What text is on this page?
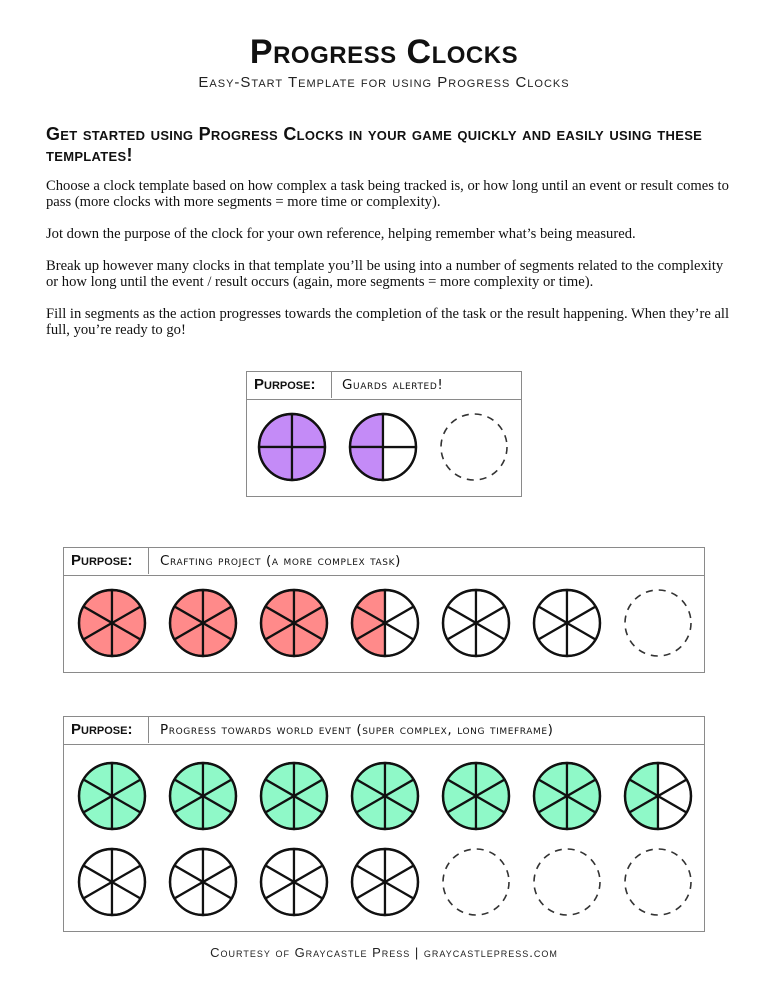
Progress Clocks
Easy-Start Template for using Progress Clocks
Get started using Progress Clocks in your game quickly and easily using these templates!

Choose a clock template based on how complex a task being tracked is, or how long until an event or result comes to pass (more clocks with more segments = more time or complexity).

Jot down the purpose of the clock for your own reference, helping remember what’s being measured.

Break up however many clocks in that template you’ll be using into a number of segments related to the complexity or how long until the event / result occurs (again, more segments = more complexity or time).

Fill in segments as the action progresses towards the completion of the task or the result happening. When they’re all full, you’re ready to go!

Purpose:	Guards alerted!
Purpose:	Crafting project (a more complex task)
Purpose:	Progress towards world event (super complex, long timeframe)
Courtesy of Graycastle Press | graycastlepress.com
